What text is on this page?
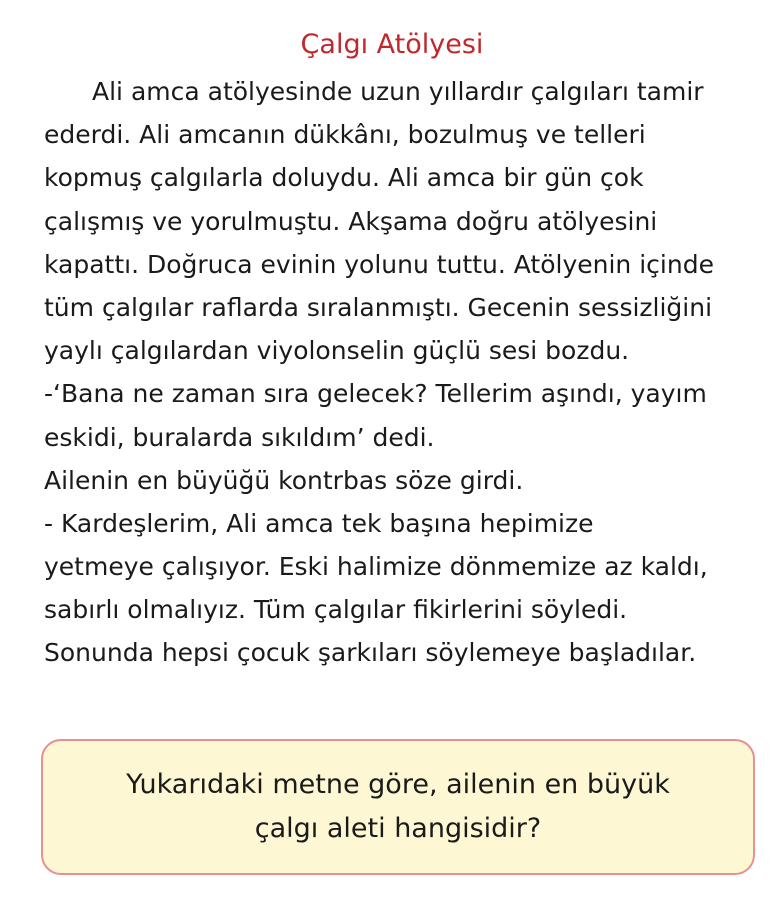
Çalgı Atölyesi
Ali amca atölyesinde uzun yıllardır çalgıları tamir
ederdi. Ali amcanın dükkânı, bozulmuş ve telleri
kopmuş çalgılarla doluydu. Ali amca bir gün çok
çalışmış ve yorulmuştu. Akşama doğru atölyesini
kapattı. Doğruca evinin yolunu tuttu. Atölyenin içinde
tüm çalgılar raflarda sıralanmıştı. Gecenin sessizliğini
yaylı çalgılardan viyolonselin güçlü sesi bozdu.
-‘Bana ne zaman sıra gelecek? Tellerim aşındı, yayım
eskidi, buralarda sıkıldım’ dedi.
Ailenin en büyüğü kontrbas söze girdi.
- Kardeşlerim, Ali amca tek başına hepimize
yetmeye çalışıyor. Eski halimize dönmemize az kaldı,
sabırlı olmalıyız. Tüm çalgılar fikirlerini söyledi.
Sonunda hepsi çocuk şarkıları söylemeye başladılar.
Yukarıdaki metne göre, ailenin en büyük
çalgı aleti hangisidir?
